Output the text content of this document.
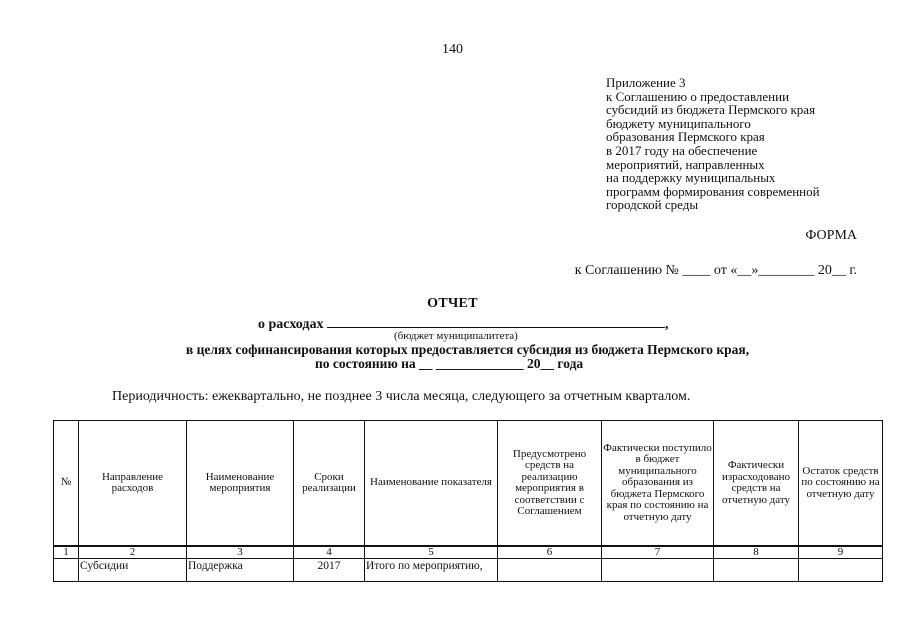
140
Приложение 3
к Соглашению о предоставлении
субсидий из бюджета Пермского края
бюджету муниципального
образования Пермского края
в 2017 году на обеспечение
мероприятий, направленных
на поддержку муниципальных
программ формирования современной
городской среды
ФОРМА
к Соглашению № ____ от «__»________ 20__ г.
ОТЧЕТ
о расходах	,
(бюджет муниципалитета)
в целях софинансирования которых предоставляется субсидия из бюджета Пермского края,
по состоянию на __ _____________ 20__ года
Периодичность: ежеквартально, не позднее 3 числа месяца, следующего за отчетным кварталом.
№	Направление расходов	Наименование мероприятия	Сроки реализации	Наименование показателя	Предусмотрено средств на реализацию мероприятия в соответствии с Соглашением	Фактически поступило в бюджет муниципального образования из бюджета Пермского края по состоянию на отчетную дату	Фактически израсходовано средств на отчетную дату	Остаток средств по состоянию на отчетную дату
1	2	3	4	5	6	7	8	9
	Субсидии	Поддержка	2017	Итого по мероприятию,				
